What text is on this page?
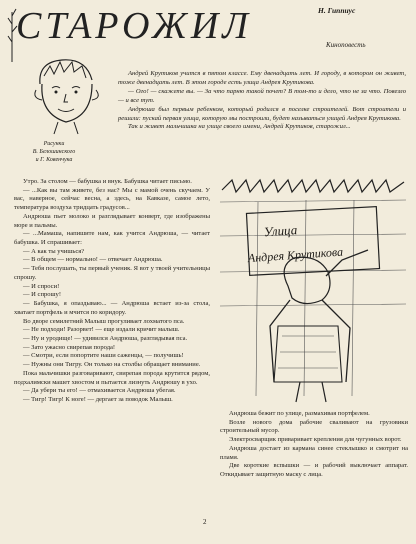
СТАРОЖИЛ	Н. Гиппиус
Киноповесть

Андрей Крутиков учится в пятом классе. Ему двенадцать лет. И городу, в котором он живет, тоже двенадцать лет. В этом городе есть улица Андрея Крутикова.

— Ого! — скажете вы. — За что парню такой почет? В том-то и дело, что не за что. Повезло — и все тут.

Андрюша был первым ребенком, который родился в поселке строителей. Вот строители и решили: пускай первая улица, которую мы построили, будет называться улицей Андрея Крутикова.

Так и живет мальчишка на улице своего имени, Андрей Крутиков, старожил...

Рисунки
В. Белошинского
и Г. Ковенчука

Утро. За столом — бабушка и внук. Бабушка читает письмо.

— ...Как вы там живете, без нас? Мы с мамой очень скучаем. У вас, наверное, сейчас весна, а здесь, на Кавказе, самое лето, температура воздуха тридцать градусов...

Андрюша пьет молоко и разглядывает конверт, где изображены море и пальмы.

— ...Мамаша, напишите нам, как учится Андрюша, — читает бабушка. И спрашивает:

— А как ты учишься?

— В общем — нормально! — отвечает Андрюша.

— Тебя послушать, ты первый ученик. Я вот у твоей учительницы спрошу.

— И спроси!

— И спрошу!

— Бабушка, я опаздываю... — Андрюша встает из-за стола, хватает портфель и мчится по коридору.

Во дворе семилетний Малыш прогуливает лохматого пса.

— Не подходи! Разорвет! — еще издали кричит малыш.

— Ну и уродище! — удивился Андрюша, разглядывая пса.

— Зато ужасно свирепая порода!

— Смотри, если попортите наши саженцы, — получишь!

— Нужны они Тигру. Он только на столбы обращает внимание.

Пока мальчишки разговаривают, свирепая порода крутится рядом, подхалимски машет хвостом и пытается лизнуть Андрюшу в ухо.

— Да убери ты его! — отмахивается Андрюша убегая.

— Тигр! Тигр! К ноге! — дергает за поводок Малыш.

Улица
Андрея Крутикова

Андрюша бежит по улице, размахивая портфелем.

Возле нового дома рабочие сваливают на грузовики строительный мусор.

Электросварщик приваривает крепления для чугунных ворот.

Андрюша достает из кармана синее стеклышко и смотрит на пламя.

Две короткие вспышки — и рабочий выключает аппарат. Откидывает защитную маску с лица.

2
